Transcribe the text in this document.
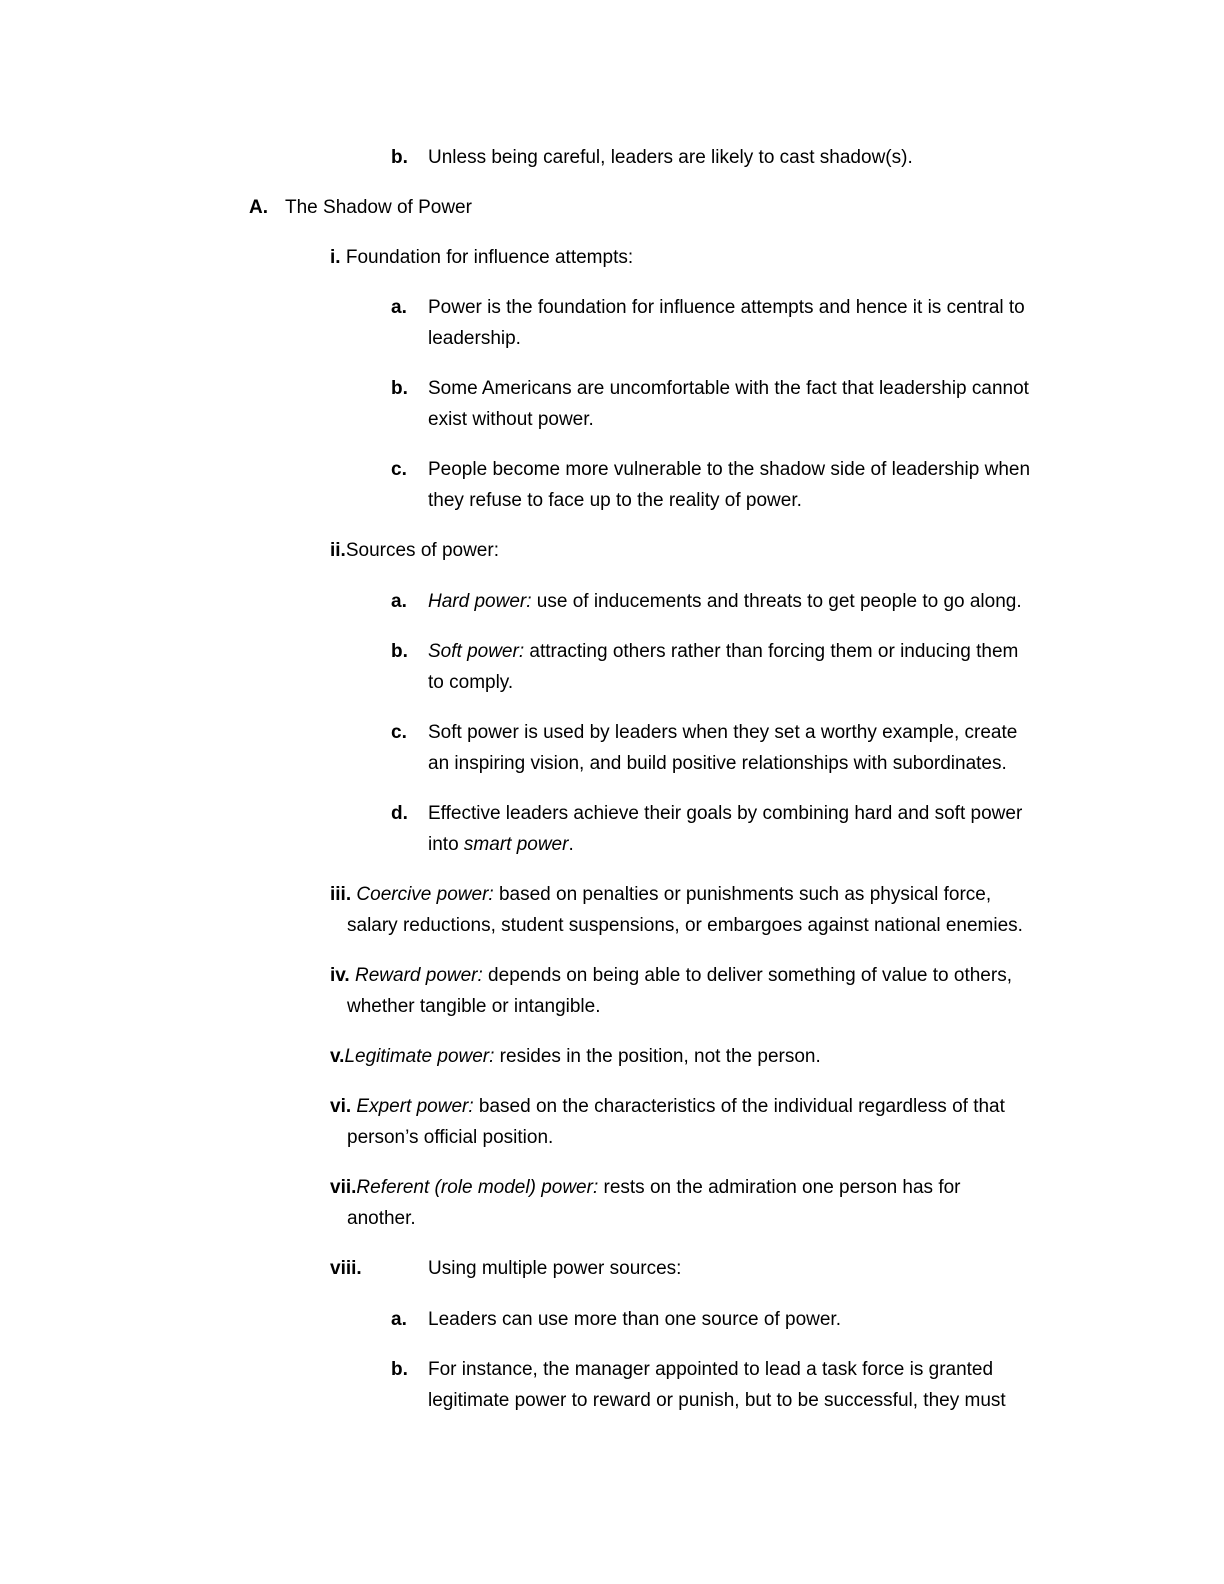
b. Unless being careful, leaders are likely to cast shadow(s).
A. The Shadow of Power
i. Foundation for influence attempts:
a. Power is the foundation for influence attempts and hence it is central to
leadership.
b. Some Americans are uncomfortable with the fact that leadership cannot
exist without power.
c. People become more vulnerable to the shadow side of leadership when
they refuse to face up to the reality of power.
ii.Sources of power:
a. Hard power: use of inducements and threats to get people to go along.
b. Soft power: attracting others rather than forcing them or inducing them
to comply.
c. Soft power is used by leaders when they set a worthy example, create
an inspiring vision, and build positive relationships with subordinates.
d. Effective leaders achieve their goals by combining hard and soft power
into smart power.
iii. Coercive power: based on penalties or punishments such as physical force,
salary reductions, student suspensions, or embargoes against national enemies.
iv. Reward power: depends on being able to deliver something of value to others,
whether tangible or intangible.
v.Legitimate power: resides in the position, not the person.
vi. Expert power: based on the characteristics of the individual regardless of that
person’s official position.
vii.Referent (role model) power: rests on the admiration one person has for
another.
viii.	Using multiple power sources:
a. Leaders can use more than one source of power.
b. For instance, the manager appointed to lead a task force is granted
legitimate power to reward or punish, but to be successful, they must
